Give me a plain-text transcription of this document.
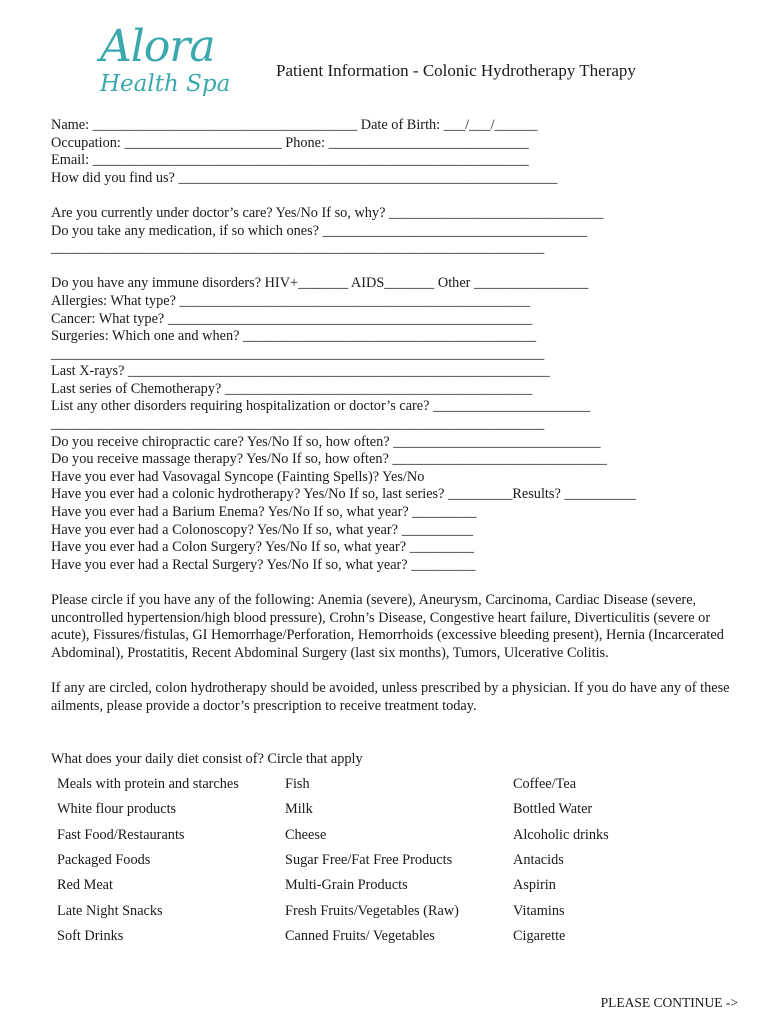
Alora
Health Spa
Patient Information - Colonic Hydrotherapy Therapy
Name: _____________________________________ Date of Birth: ___/___/______
Occupation: ______________________ Phone: ____________________________
Email: _____________________________________________________________
How did you find us? _____________________________________________________
Are you currently under doctor’s care? Yes/No If so, why? ______________________________
Do you take any medication, if so which ones? _____________________________________
_____________________________________________________________________
Do you have any immune disorders? HIV+_______ AIDS_______ Other ________________
Allergies: What type? _________________________________________________
Cancer: What type? ___________________________________________________
Surgeries: Which one and when? _________________________________________
_____________________________________________________________________
Last X-rays? ___________________________________________________________
Last series of Chemotherapy? ___________________________________________
List any other disorders requiring hospitalization or doctor’s care? ______________________
_____________________________________________________________________
Do you receive chiropractic care? Yes/No If so, how often? _____________________________
Do you receive massage therapy? Yes/No If so, how often? ______________________________
Have you ever had Vasovagal Syncope (Fainting Spells)? Yes/No
Have you ever had a colonic hydrotherapy? Yes/No If so, last series? _________Results? __________
Have you ever had a Barium Enema? Yes/No If so, what year? _________
Have you ever had a Colonoscopy? Yes/No If so, what year? __________
Have you ever had a Colon Surgery? Yes/No If so, what year? _________
Have you ever had a Rectal Surgery? Yes/No If so, what year? _________
Please circle if you have any of the following: Anemia (severe), Aneurysm, Carcinoma, Cardiac Disease (severe, uncontrolled hypertension/high blood pressure), Crohn’s Disease, Congestive heart failure, Diverticulitis (severe or acute), Fissures/fistulas, GI Hemorrhage/Perforation, Hemorrhoids (excessive bleeding present), Hernia (Incarcerated Abdominal), Prostatitis, Recent Abdominal Surgery (last six months), Tumors, Ulcerative Colitis.
If any are circled, colon hydrotherapy should be avoided, unless prescribed by a physician. If you do have any of these ailments, please provide a doctor’s prescription to receive treatment today.
What does your daily diet consist of? Circle that apply
Meals with protein and starches
White flour products
Fast Food/Restaurants
Packaged Foods
Red Meat
Late Night Snacks
Soft Drinks
Fish
Milk
Cheese
Sugar Free/Fat Free Products
Multi-Grain Products
Fresh Fruits/Vegetables (Raw)
Canned Fruits/ Vegetables
Coffee/Tea
Bottled Water
Alcoholic drinks
Antacids
Aspirin
Vitamins
Cigarette
PLEASE CONTINUE ->
